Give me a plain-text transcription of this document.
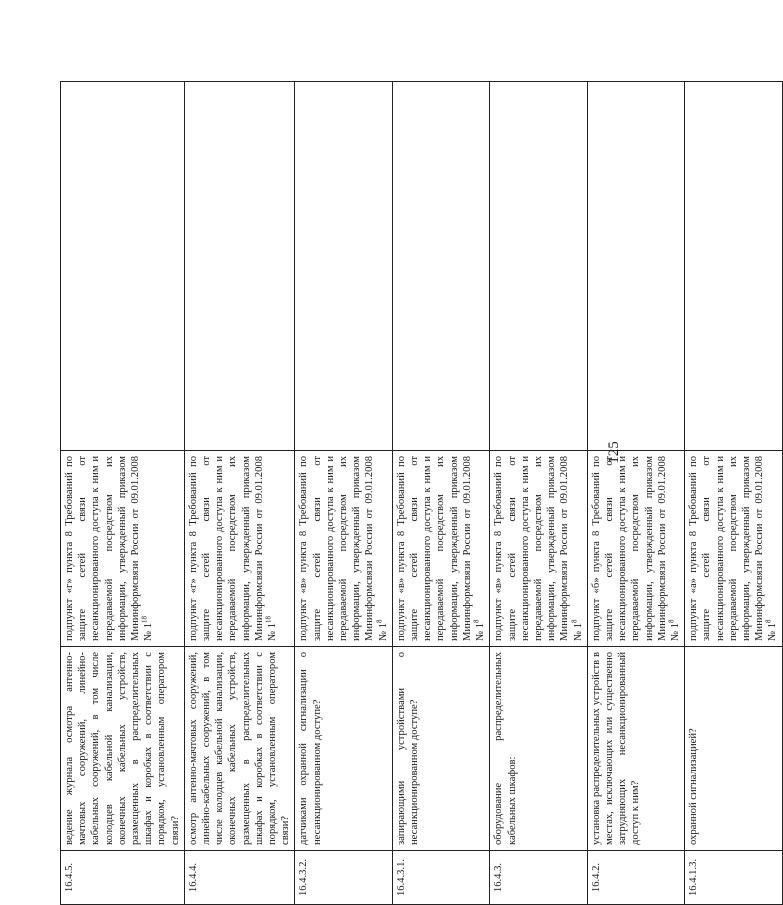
16.4.5.	ведение журнала осмотра антенно-мачтовых сооружений, линейно-кабельных сооружений, в том числе колодцев кабельной канализации, оконечных кабельных устройств, размещенных в распределительных шкафах и коробках в соответствии с порядком, установленным оператором связи?	подпункт «г» пункта 8 Требований по защите сетей связи от несанкционированного доступа к ним и передаваемой посредством их информации, утвержденный приказом Мининформсвязи России от 09.01.2008 № $1^{18}$	
16.4.4.	осмотр антенно-мачтовых сооружений, линейно-кабельных сооружений, в том числе колодцев кабельной канализации, оконечных кабельных устройств, размещенных в распределительных шкафах и коробках в соответствии с порядком, установленным оператором связи?	подпункт «г» пункта 8 Требований по защите сетей связи от несанкционированного доступа к ним и передаваемой посредством их информации, утвержденный приказом Мининформсвязи России от 09.01.2008 № $1^{18}$	
16.4.3.2.	датчиками охранной сигнализации о несанкционированном доступе?	подпункт «в» пункта 8 Требований по защите сетей связи от несанкционированного доступа к ним и передаваемой посредством их информации, утвержденный приказом Мининформсвязи России от 09.01.2008 № $1^8$	
16.4.3.1.	запирающими устройствами о несанкционированном доступе?	подпункт «в» пункта 8 Требований по защите сетей связи от несанкционированного доступа к ним и передаваемой посредством их информации, утвержденный приказом Мининформсвязи России от 09.01.2008 № $1^8$	
16.4.3.	оборудование распределительных кабельных шкафов:	подпункт «в» пункта 8 Требований по защите сетей связи от несанкционированного доступа к ним и передаваемой посредством их информации, утвержденный приказом Мининформсвязи России от 09.01.2008 № $1^8$	
16.4.2.	установка распределительных устройств в местах, исключающих или существенно затрудняющих несанкционированный доступ к ним?	подпункт «б» пункта 8 Требований по защите сетей связи от несанкционированного доступа к ним и передаваемой посредством их информации, утвержденный приказом Мининформсвязи России от 09.01.2008 № $1^8$	
16.4.1.3.	охранной сигнализацией?	подпункт «а» пункта 8 Требований по защите сетей связи от несанкционированного доступа к ним и передаваемой посредством их информации, утвержденный приказом Мининформсвязи России от 09.01.2008 № $1^8$	
125
